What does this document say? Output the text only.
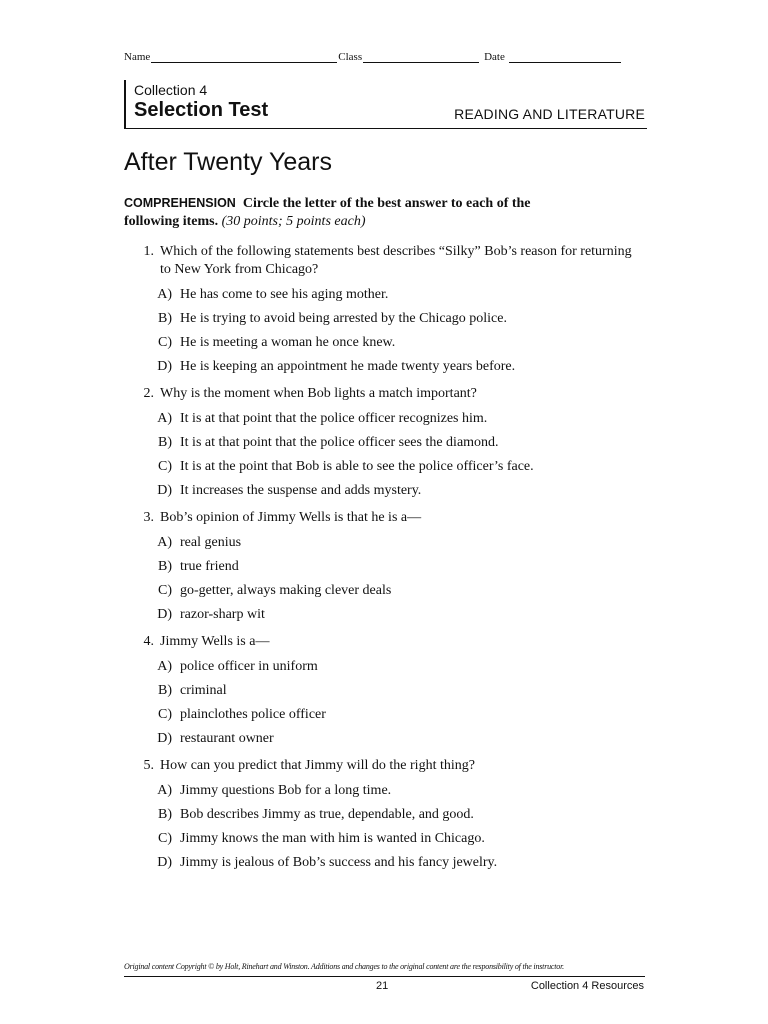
Name	Class	Date
Collection 4
Selection Test	READING AND LITERATURE
After Twenty Years
COMPREHENSION Circle the letter of the best answer to each of the following items. (30 points; 5 points each)
1. Which of the following statements best describes “Silky” Bob’s reason for returning to New York from Chicago?
A) He has come to see his aging mother.
B) He is trying to avoid being arrested by the Chicago police.
C) He is meeting a woman he once knew.
D) He is keeping an appointment he made twenty years before.
2. Why is the moment when Bob lights a match important?
A) It is at that point that the police officer recognizes him.
B) It is at that point that the police officer sees the diamond.
C) It is at the point that Bob is able to see the police officer’s face.
D) It increases the suspense and adds mystery.
3. Bob’s opinion of Jimmy Wells is that he is a—
A) real genius
B) true friend
C) go-getter, always making clever deals
D) razor-sharp wit
4. Jimmy Wells is a—
A) police officer in uniform
B) criminal
C) plainclothes police officer
D) restaurant owner
5. How can you predict that Jimmy will do the right thing?
A) Jimmy questions Bob for a long time.
B) Bob describes Jimmy as true, dependable, and good.
C) Jimmy knows the man with him is wanted in Chicago.
D) Jimmy is jealous of Bob’s success and his fancy jewelry.
Original content Copyright © by Holt, Rinehart and Winston. Additions and changes to the original content are the responsibility of the instructor.
21	Collection 4 Resources
